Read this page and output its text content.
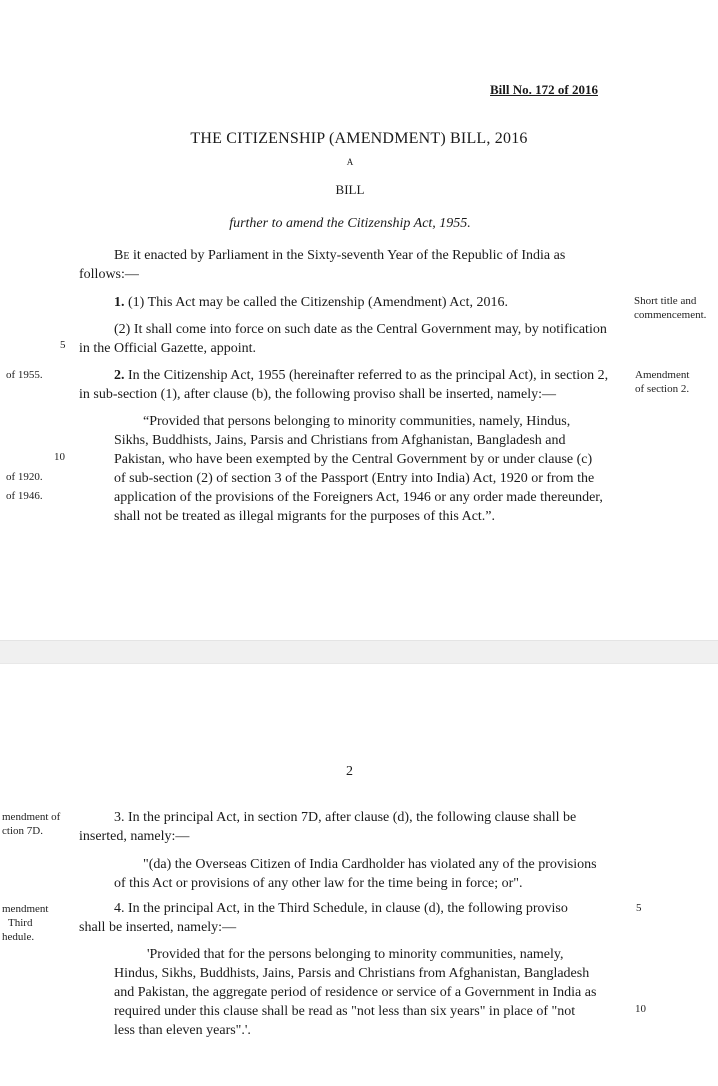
Bill No. 172 of 2016
THE CITIZENSHIP (AMENDMENT) BILL, 2016
A
BILL
further to amend the Citizenship Act, 1955.
Be it enacted by Parliament in the Sixty-seventh Year of the Republic of India as
follows:—
1. (1) This Act may be called the Citizenship (Amendment) Act, 2016.
(2) It shall come into force on such date as the Central Government may, by notification
in the Official Gazette, appoint.
Short title and
commencement.
5
2. In the Citizenship Act, 1955 (hereinafter referred to as the principal Act), in section 2,
in sub-section (1), after clause (b), the following proviso shall be inserted, namely:—
of 1955.	Amendment
of section 2.
“Provided that persons belonging to minority communities, namely, Hindus,
Sikhs, Buddhists, Jains, Parsis and Christians from Afghanistan, Bangladesh and
Pakistan, who have been exempted by the Central Government by or under clause (c)
of sub-section (2) of section 3 of the Passport (Entry into India) Act, 1920 or from the
application of the provisions of the Foreigners Act, 1946 or any order made thereunder,
shall not be treated as illegal migrants for the purposes of this Act.”.
10
of 1920.
of 1946.
2
3. In the principal Act, in section 7D, after clause (d), the following clause shall be
inserted, namely:—
mendment of
ction 7D.
"(da) the Overseas Citizen of India Cardholder has violated any of the provisions
of this Act or provisions of any other law for the time being in force; or".
4. In the principal Act, in the Third Schedule, in clause (d), the following proviso
shall be inserted, namely:—
5
mendment
Third
hedule.
'Provided that for the persons belonging to minority communities, namely,
Hindus, Sikhs, Buddhists, Jains, Parsis and Christians from Afghanistan, Bangladesh
and Pakistan, the aggregate period of residence or service of a Government in India as
required under this clause shall be read as "not less than six years" in place of "not
less than eleven years".'.
10
